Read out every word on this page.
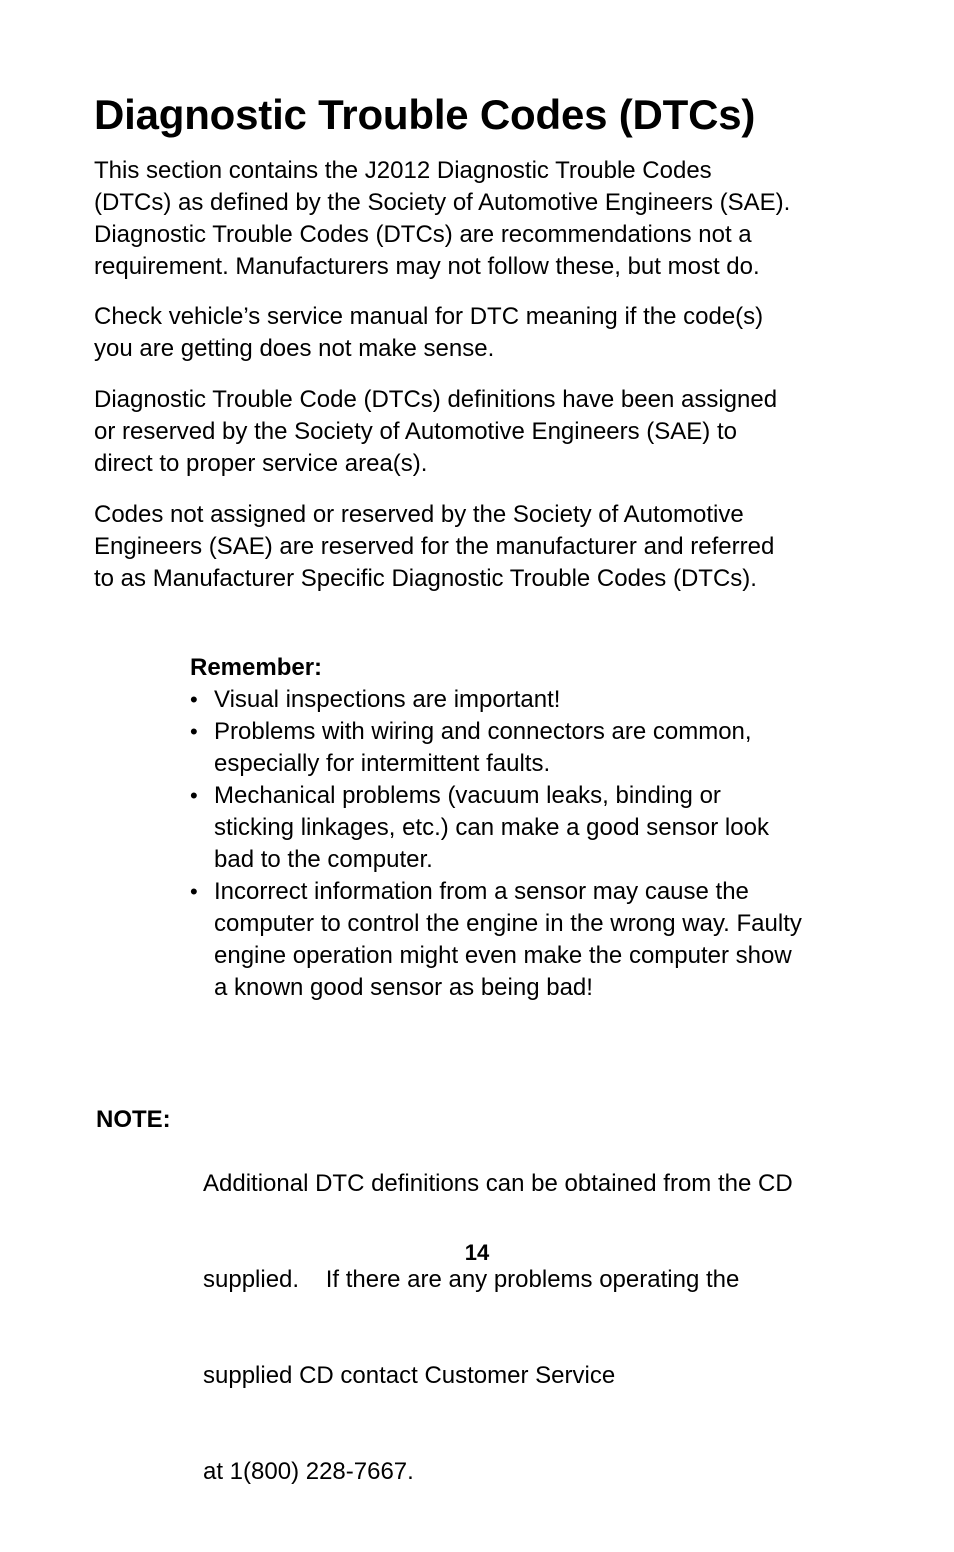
Diagnostic Trouble Codes (DTCs)

This section contains the J2012 Diagnostic Trouble Codes
(DTCs) as defined by the Society of Automotive Engineers (SAE).
Diagnostic Trouble Codes (DTCs) are recommendations not a
requirement. Manufacturers may not follow these, but most do.

Check vehicle’s service manual for DTC meaning if the code(s)
you are getting does not make sense.

Diagnostic Trouble Code (DTCs) definitions have been assigned
or reserved by the Society of Automotive Engineers (SAE) to
direct to proper service area(s).

Codes not assigned or reserved by the Society of Automotive
Engineers (SAE) are reserved for the manufacturer and referred
to as Manufacturer Specific Diagnostic Trouble Codes (DTCs).

Remember:
• Visual inspections are important!
• Problems with wiring and connectors are common,
especially for intermittent faults.
• Mechanical problems (vacuum leaks, binding or
sticking linkages, etc.) can make a good sensor look
bad to the computer.
• Incorrect information from a sensor may cause the
computer to control the engine in the wrong way. Faulty
engine operation might even make the computer show
a known good sensor as being bad!
NOTE:

Additional DTC definitions can be obtained from the CD

supplied.    If there are any problems operating the

supplied CD contact Customer Service

at 1(800) 228-7667.

14
